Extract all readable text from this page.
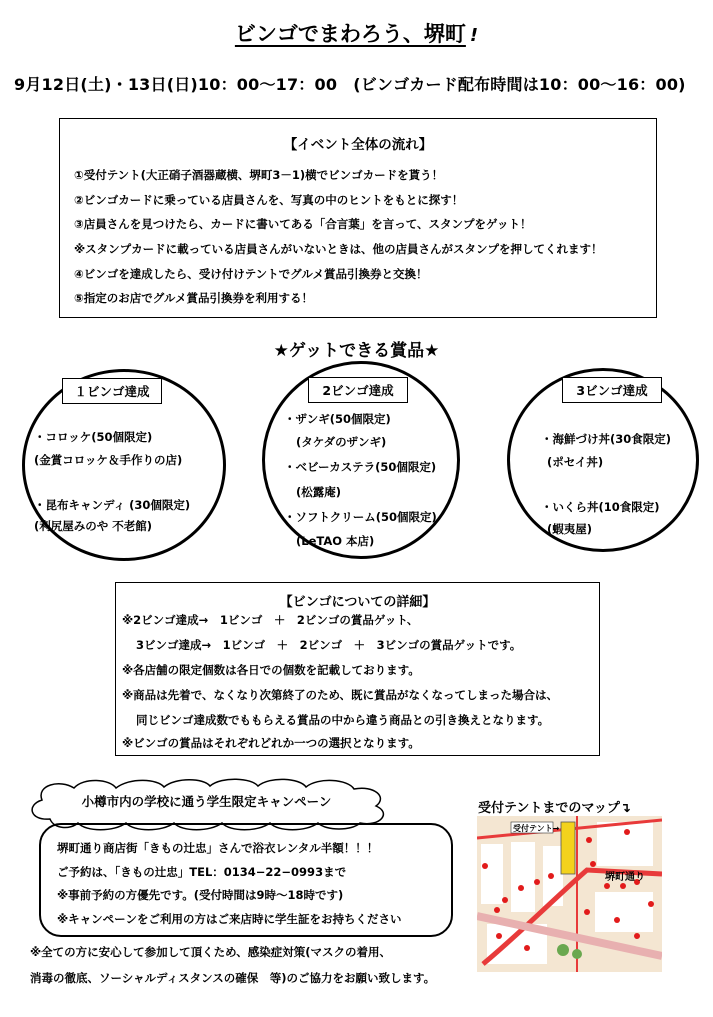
ビンゴでまわろう、堺町 !
9月12日(土)・13日(日)10：00〜17：00 (ビンゴカード配布時間は10：00〜16：00)
【イベント全体の流れ】
①受付テント(大正硝子酒器蔵横、堺町3－1)横でビンゴカードを貰う！
②ビンゴカードに乗っている店員さんを、写真の中のヒントをもとに探す！
③店員さんを見つけたら、カードに書いてある「合言葉」を言って、スタンプをゲット！
※スタンプカードに載っている店員さんがいないときは、他の店員さんがスタンプを押してくれます！
④ビンゴを達成したら、受け付けテントでグルメ賞品引換券と交換！
⑤指定のお店でグルメ賞品引換券を利用する！
★ゲットできる賞品★
１ビンゴ達成
・コロッケ(50個限定)
(金賞コロッケ＆手作りの店)
・昆布キャンディ (30個限定)
(利尻屋みのや 不老館)
2ビンゴ達成
・ザンギ(50個限定)
(タケダのザンギ)
・ベビーカステラ(50個限定)
(松露庵)
・ソフトクリーム(50個限定)
(LeTAO 本店)
3ビンゴ達成
・海鮮づけ丼(30食限定)
(ポセイ丼)
・いくら丼(10食限定)
(蝦夷屋)
【ビンゴについての詳細】
※2ビンゴ達成→　1ビンゴ　＋　2ビンゴの賞品ゲット、
3ビンゴ達成→　1ビンゴ　＋　2ビンゴ　＋　3ビンゴの賞品ゲットです。
※各店舗の限定個数は各日での個数を記載しております。
※商品は先着で、なくなり次第終了のため、既に賞品がなくなってしまった場合は、
同じビンゴ達成数でももらえる賞品の中から違う商品との引き換えとなります。
※ビンゴの賞品はそれぞれどれか一つの選択となります。
小樽市内の学校に通う学生限定キャンペーン
堺町通り商店街「きもの辻忠」さんで浴衣レンタル半額！！！
ご予約は、「きもの辻忠」TEL：0134−22−0993まで
※事前予約の方優先です。(受付時間は9時〜18時です)
※キャンペーンをご利用の方はご来店時に学生証をお持ちください
※全ての方に安心して参加して頂くため、感染症対策(マスクの着用、
消毒の徹底、ソーシャルディスタンスの確保　等)のご協力をお願い致します。
受付テントまでのマップ↴
受付テント→
堺町通り
